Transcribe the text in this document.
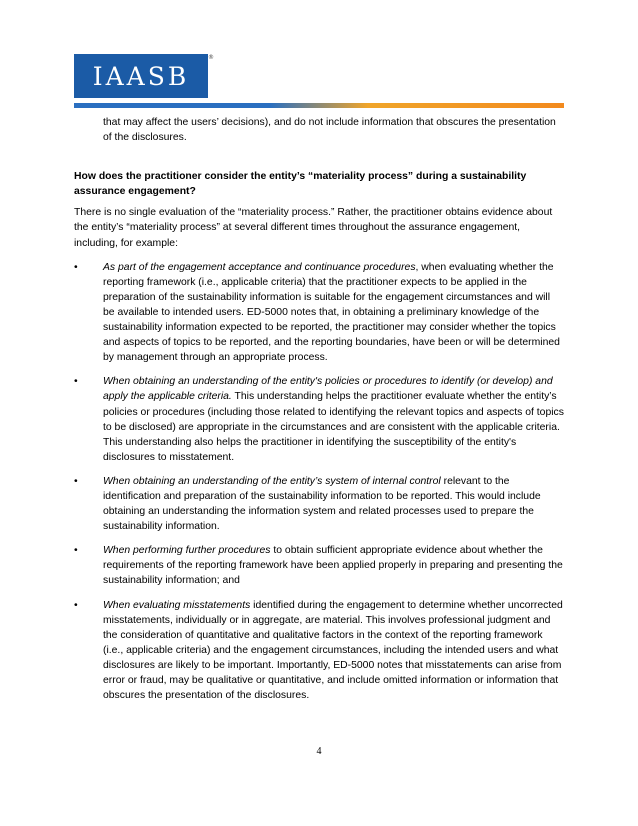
IAASB
®

that may affect the users’ decisions), and do not include information that obscures the presentation of the disclosures.

How does the practitioner consider the entity’s “materiality process” during a sustainability assurance engagement?

There is no single evaluation of the “materiality process.” Rather, the practitioner obtains evidence about the entity’s “materiality process” at several different times throughout the assurance engagement, including, for example:

• As part of the engagement acceptance and continuance procedures, when evaluating whether the reporting framework (i.e., applicable criteria) that the practitioner expects to be applied in the preparation of the sustainability information is suitable for the engagement circumstances and will be available to intended users. ED-5000 notes that, in obtaining a preliminary knowledge of the sustainability information expected to be reported, the practitioner may consider whether the topics and aspects of topics to be reported, and the reporting boundaries, have been or will be determined by management through an appropriate process.
• When obtaining an understanding of the entity's policies or procedures to identify (or develop) and apply the applicable criteria. This understanding helps the practitioner evaluate whether the entity’s policies or procedures (including those related to identifying the relevant topics and aspects of topics to be disclosed) are appropriate in the circumstances and are consistent with the applicable criteria. This understanding also helps the practitioner in identifying the susceptibility of the entity's disclosures to misstatement.
• When obtaining an understanding of the entity’s system of internal control relevant to the identification and preparation of the sustainability information to be reported. This would include obtaining an understanding the information system and related processes used to prepare the sustainability information.
• When performing further procedures to obtain sufficient appropriate evidence about whether the requirements of the reporting framework have been applied properly in preparing and presenting the sustainability information; and
• When evaluating misstatements identified during the engagement to determine whether uncorrected misstatements, individually or in aggregate, are material. This involves professional judgment and the consideration of quantitative and qualitative factors in the context of the reporting framework (i.e., applicable criteria) and the engagement circumstances, including the intended users and what disclosures are likely to be important. Importantly, ED-5000 notes that misstatements can arise from error or fraud, may be qualitative or quantitative, and include omitted information or information that obscures the presentation of the disclosures.
4
